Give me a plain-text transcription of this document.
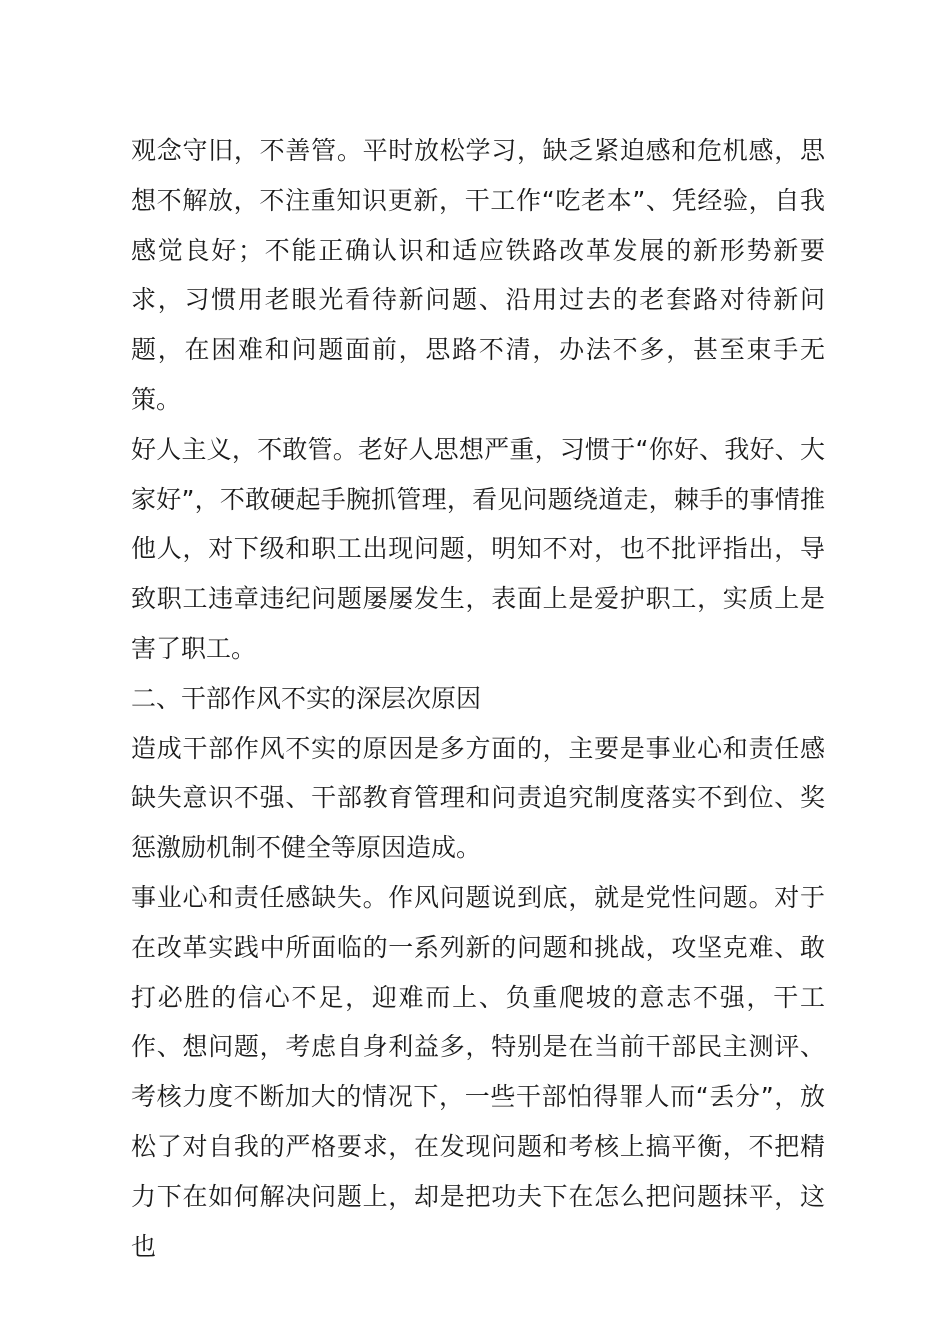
观念守旧，不善管。平时放松学习，缺乏紧迫感和危机感，思想不解放，不注重知识更新，干工作“吃老本”、凭经验，自我感觉良好；不能正确认识和适应铁路改革发展的新形势新要求，习惯用老眼光看待新问题、沿用过去的老套路对待新问题，在困难和问题面前，思路不清，办法不多，甚至束手无策。

好人主义，不敢管。老好人思想严重，习惯于“你好、我好、大家好”，不敢硬起手腕抓管理，看见问题绕道走，棘手的事情推他人，对下级和职工出现问题，明知不对，也不批评指出，导致职工违章违纪问题屡屡发生，表面上是爱护职工，实质上是害了职工。

二、干部作风不实的深层次原因

造成干部作风不实的原因是多方面的，主要是事业心和责任感缺失意识不强、干部教育管理和问责追究制度落实不到位、奖惩激励机制不健全等原因造成。

事业心和责任感缺失。作风问题说到底，就是党性问题。对于在改革实践中所面临的一系列新的问题和挑战，攻坚克难、敢打必胜的信心不足，迎难而上、负重爬坡的意志不强，干工作、想问题，考虑自身利益多，特别是在当前干部民主测评、考核力度不断加大的情况下，一些干部怕得罪人而“丢分”，放松了对自我的严格要求，在发现问题和考核上搞平衡，不把精力下在如何解决问题上，却是把功夫下在怎么把问题抹平，这也
